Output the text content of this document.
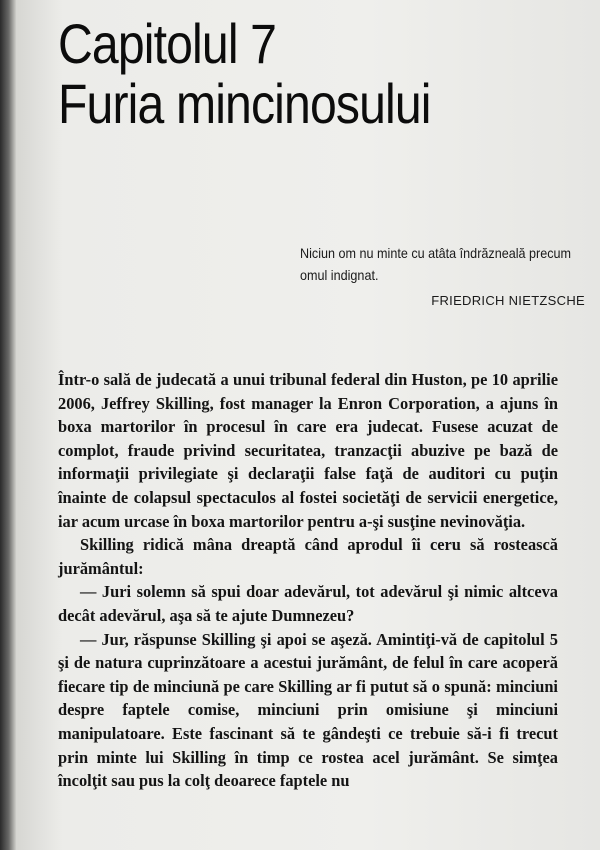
Capitolul 7
Furia mincinosului
Niciun om nu minte cu atâta îndrăzneală precum omul indignat.
FRIEDRICH NIETZSCHE

Într-o sală de judecată a unui tribunal federal din Huston, pe 10 aprilie 2006, Jeffrey Skilling, fost manager la Enron Corporation, a ajuns în boxa martorilor în procesul în care era judecat. Fusese acuzat de complot, fraude privind securitatea, tranzacţii abuzive pe bază de informaţii privilegiate şi declaraţii false faţă de auditori cu puţin înainte de colapsul spectaculos al fostei societăţi de servicii energetice, iar acum urcase în boxa martorilor pentru a-şi susţine nevinovăţia.

Skilling ridică mâna dreaptă când aprodul îi ceru să rostească jurământul:

— Juri solemn să spui doar adevărul, tot adevărul şi nimic altceva decât adevărul, aşa să te ajute Dumnezeu?

— Jur, răspunse Skilling şi apoi se aşeză. Amintiţi-vă de capitolul 5 şi de natura cuprinzătoare a acestui jurământ, de felul în care acoperă fiecare tip de minciună pe care Skilling ar fi putut să o spună: minciuni despre faptele comise, minciuni prin omisiune şi minciuni manipulatoare. Este fascinant să te gândeşti ce trebuie să-i fi trecut prin minte lui Skilling în timp ce rostea acel jurământ. Se simţea încolţit sau pus la colţ deoarece faptele nu
